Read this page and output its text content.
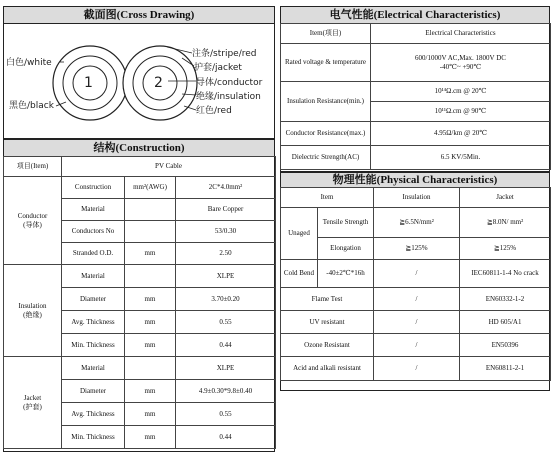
截面图(Cross Drawing)
1	2
白色/white
黑色/black
注条/stripe/red
护套/jacket
导体/conductor
绝缘/insulation
红色/red
结构(Construction)
项目(Item)	PV Cable		
Conductor
(导体)	Construction	mm²(AWG)	2C*4.0mm²
	Material		Bare Copper
	Conductors No		53/0.30
	Stranded O.D.	mm	2.50
Insulation
(绝缘)	Material		XLPE
	Diameter	mm	3.70±0.20
	Avg. Thickness	mm	0.55
	Min. Thickness	mm	0.44
Jacket
(护套)	Material		XLPE
	Diameter	mm	4.9±0.30*9.8±0.40
	Avg. Thickness	mm	0.55
	Min. Thickness	mm	0.44
电气性能(Electrical Characteristics)
Item(项目)	Electrical Characteristics
Rated voltage & temperature	600/1000V AC,Max. 1800V DC
-40℃~ +90℃
Insulation Resistance(min.)	10¹⁴Ω.cm @ 20℃
	10¹¹Ω.cm @ 90℃
Conductor Resistance(max.)	4.95Ω/km @ 20℃
Dielectric Strength(AC)	6.5 KV/5Min.
物理性能(Physical Characteristics)
Item		Insulation	Jacket
Unaged	Tensile Strength	≧6.5N/mm²	≧8.0N/ mm²
	Elongation	≧125%	≧125%
Cold Bend	-40±2℃*16h	/	IEC60811-1-4 No crack
Flame Test		/	EN60332-1-2
UV resistant		/	HD 605/A1
Ozone Resistant		/	EN50396
Acid and alkali resistant		/	EN60811-2-1
